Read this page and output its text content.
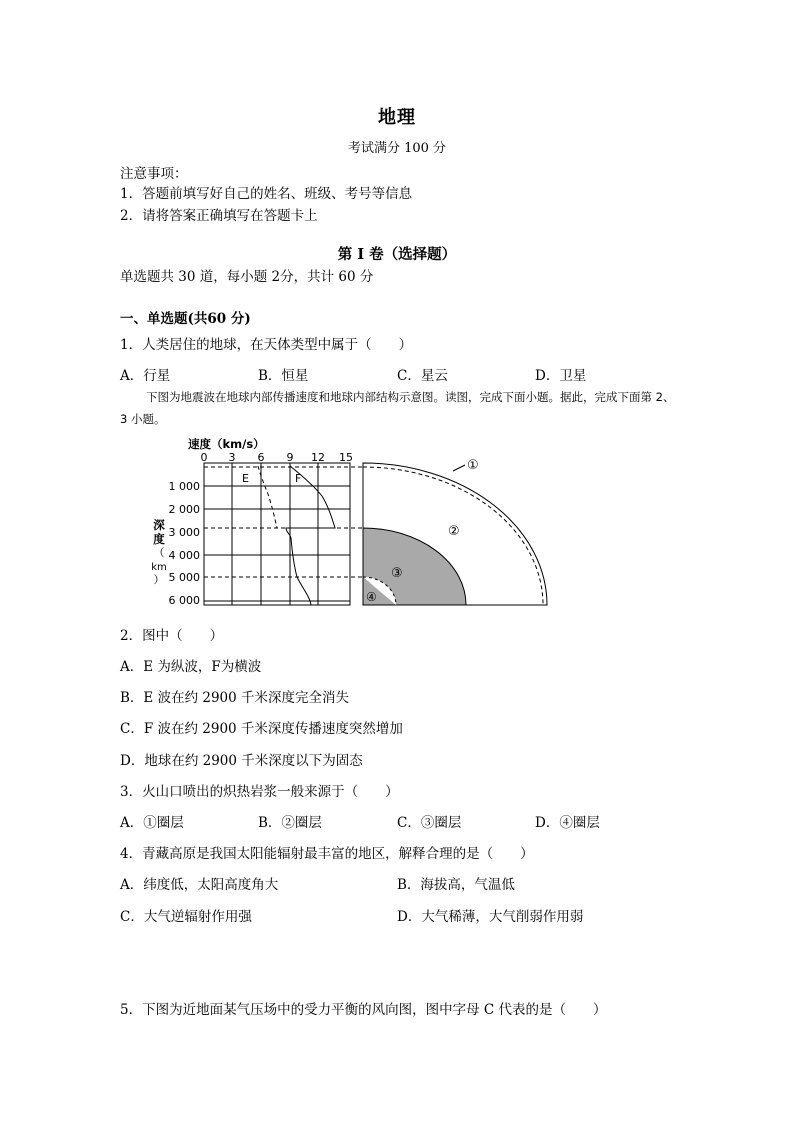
地理
考试满分 100 分
注意事项：
1．答题前填写好自己的姓名、班级、考号等信息
2．请将答案正确填写在答题卡上
第 I 卷（选择题）
单选题共 30 道，每小题 2分，共计 60 分
一、单选题(共60 分)
1．人类居住的地球，在天体类型中属于（　　）
A．行星	B．恒星	C．星云	D．卫星

下图为地震波在地球内部传播速度和地球内部结构示意图。读图，完成下面小题。据此，完成下面第 2、3 小题。

速度（km/s）
0 3 6 9 12 15
1 000
2 000
3 000
4 000
5 000
6 000
深
度
（
km
）
E	F
①
②
③
④
2．图中（　　）
A．E 为纵波，F为横波
B．E 波在约 2900 千米深度完全消失
C．F 波在约 2900 千米深度传播速度突然增加
D．地球在约 2900 千米深度以下为固态
3．火山口喷出的炽热岩浆一般来源于（　　）
A．①圈层	B．②圈层	C．③圈层	D．④圈层
4．青藏高原是我国太阳能辐射最丰富的地区，解释合理的是（　　）
A．纬度低，太阳高度角大	B．海拔高，气温低
C．大气逆辐射作用强	D．大气稀薄，大气削弱作用弱
5．下图为近地面某气压场中的受力平衡的风向图，图中字母 C 代表的是（　　）
